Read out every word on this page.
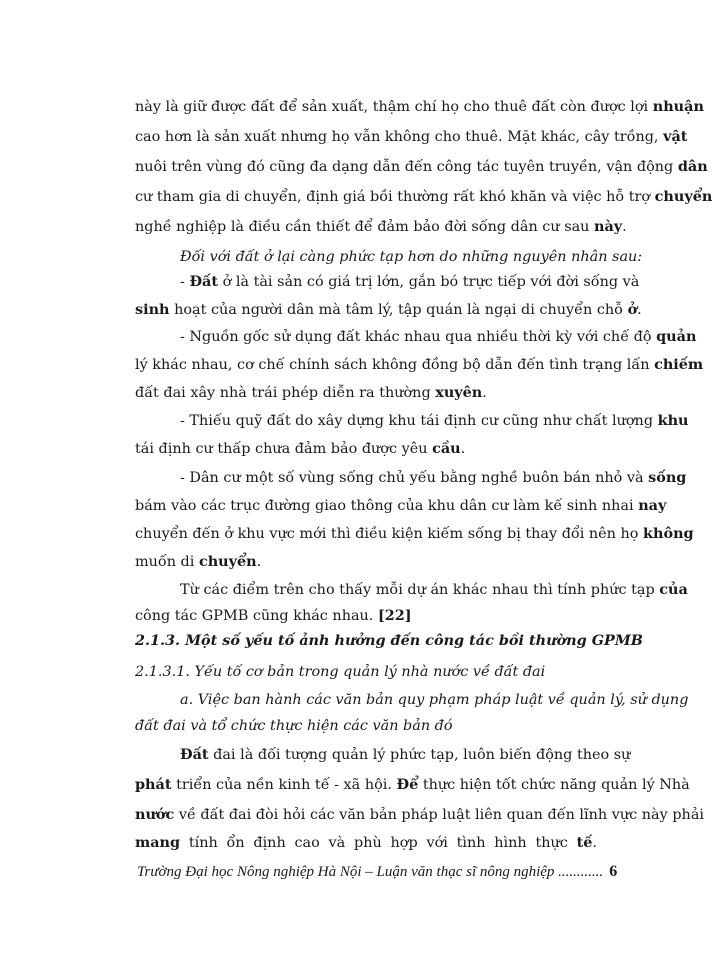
này là giữ được đất để sản xuất, thậm chí họ cho thuê đất còn được lợi nhuận
cao hơn là sản xuất nhưng họ vẫn không cho thuê. Mặt khác, cây trồng, vật
nuôi trên vùng đó cũng đa dạng dẫn đến công tác tuyên truyền, vận động dân
cư tham gia di chuyển, định giá bồi thường rất khó khăn và việc hỗ trợ chuyển
nghề nghiệp là điều cần thiết để đảm bảo đời sống dân cư sau này.
Đối với đất ở lại càng phức tạp hơn do những nguyên nhân sau:
- Đất ở là tài sản có giá trị lớn, gắn bó trực tiếp với đời sống và
sinh hoạt của người dân mà tâm lý, tập quán là ngại di chuyển chỗ ở.
- Nguồn gốc sử dụng đất khác nhau qua nhiều thời kỳ với chế độ quản
lý khác nhau, cơ chế chính sách không đồng bộ dẫn đến tình trạng lấn chiếm
đất đai xây nhà trái phép diễn ra thường xuyên.
- Thiếu quỹ đất do xây dựng khu tái định cư cũng như chất lượng khu
tái định cư thấp chưa đảm bảo được yêu cầu.
- Dân cư một số vùng sống chủ yếu bằng nghề buôn bán nhỏ và sống
bám vào các trục đường giao thông của khu dân cư làm kế sinh nhai nay
chuyển đến ở khu vực mới thì điều kiện kiếm sống bị thay đổi nên họ không
muốn di chuyển.
Từ các điểm trên cho thấy mỗi dự án khác nhau thì tính phức tạp của
công tác GPMB cũng khác nhau. [22]
2.1.3. Một số yếu tố ảnh hưởng đến công tác bồi thường GPMB
2.1.3.1. Yếu tố cơ bản trong quản lý nhà nước về đất đai
a. Việc ban hành các văn bản quy phạm pháp luật về quản lý, sử dụng
đất đai và tổ chức thực hiện các văn bản đó
Đất đai là đối tượng quản lý phức tạp, luôn biến động theo sự
phát triển của nền kinh tế - xã hội. Để thực hiện tốt chức năng quản lý Nhà
Trường Đại học Nông nghiệp Hà Nội – Luận văn thạc sĩ nông nghiệp ............ 6
nước về đất đai đòi hỏi các văn bản pháp luật liên quan đến lĩnh vực này phải
mang tính ổn định cao và phù hợp với tình hình thực tế.
